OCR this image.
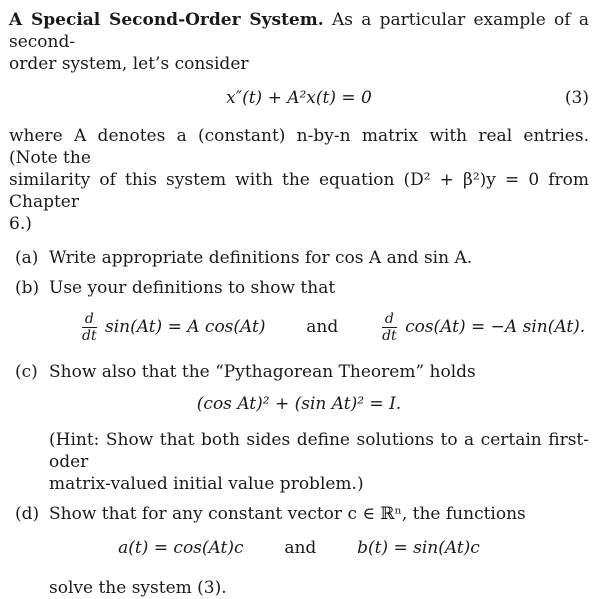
A Special Second-Order System. As a particular example of a second-
order system, let’s consider

x″(t) + A²x(t) = 0	(3)

where A denotes a (constant) n-by-n matrix with real entries. (Note the
similarity of this system with the equation (D² + β²)y = 0 from Chapter
6.)

(a) Write appropriate definitions for cos A and sin A.
(b) Use your definitions to show that
$\frac{d}{dt} \sin(At) = A$ cos(At) and	$\frac{d}{dt} \cos(At) = -A$ sin(At).
(c) Show also that the “Pythagorean Theorem” holds
(cos At)² + (sin At)² = I.
(Hint: Show that both sides define solutions to a certain first-oder
matrix-valued initial value problem.)
(d) Show that for any constant vector c ∈ ℝⁿ, the functions
a(t) = cos(At)c and b(t) = sin(At)c
solve the system (3).
